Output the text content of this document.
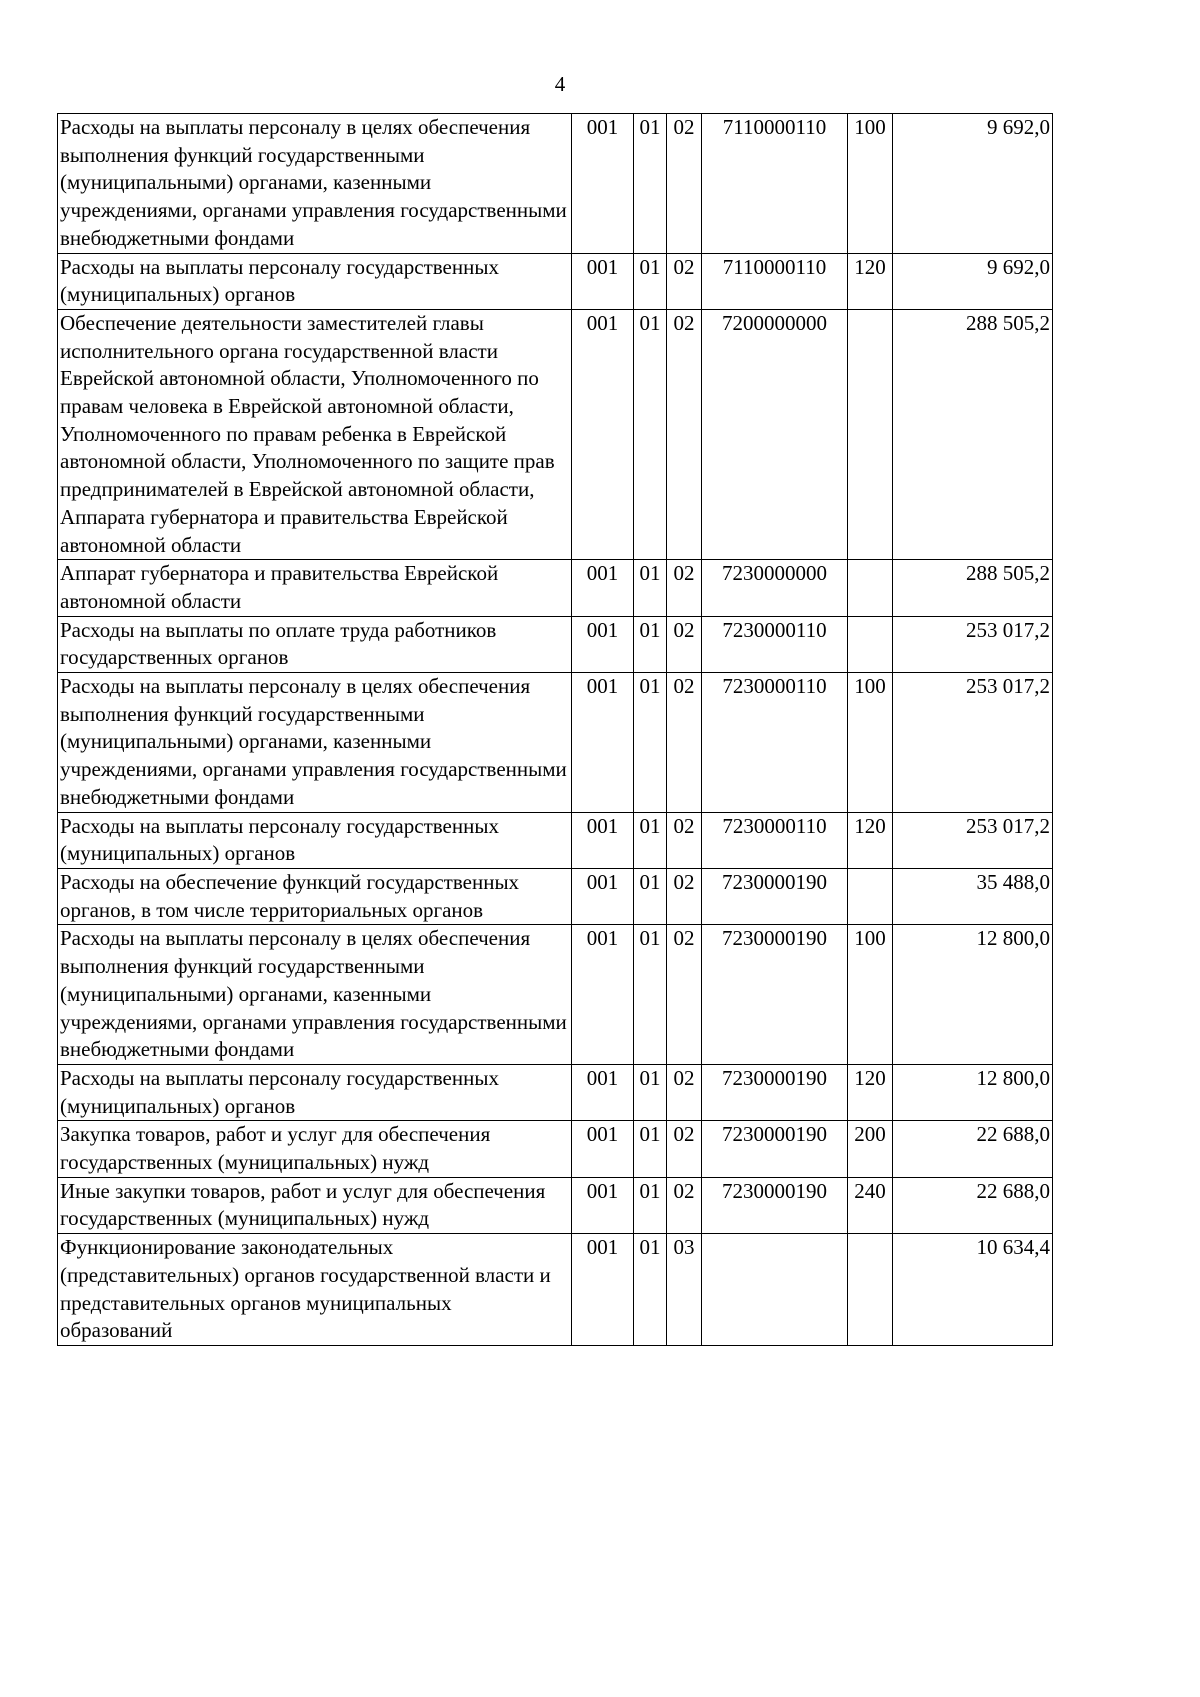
4
Расходы на выплаты персоналу в целях обеспечения выполнения функций государственными (муниципальными) органами, казенными учреждениями, органами управления государственными внебюджетными фондами	001	01	02	7110000110	100	9 692,0
Расходы на выплаты персоналу государственных (муниципальных) органов	001	01	02	7110000110	120	9 692,0
Обеспечение деятельности заместителей главы исполнительного органа государственной власти Еврейской автономной области, Уполномоченного по правам человека в Еврейской автономной области, Уполномоченного по правам ребенка в Еврейской автономной области, Уполномоченного по защите прав предпринимателей в Еврейской автономной области, Аппарата губернатора и правительства Еврейской автономной области	001	01	02	7200000000		288 505,2
Аппарат губернатора и правительства Еврейской автономной области	001	01	02	7230000000		288 505,2
Расходы на выплаты по оплате труда работников государственных органов	001	01	02	7230000110		253 017,2
Расходы на выплаты персоналу в целях обеспечения выполнения функций государственными (муниципальными) органами, казенными учреждениями, органами управления государственными внебюджетными фондами	001	01	02	7230000110	100	253 017,2
Расходы на выплаты персоналу государственных (муниципальных) органов	001	01	02	7230000110	120	253 017,2
Расходы на обеспечение функций государственных органов, в том числе территориальных органов	001	01	02	7230000190		35 488,0
Расходы на выплаты персоналу в целях обеспечения выполнения функций государственными (муниципальными) органами, казенными учреждениями, органами управления государственными внебюджетными фондами	001	01	02	7230000190	100	12 800,0
Расходы на выплаты персоналу государственных (муниципальных) органов	001	01	02	7230000190	120	12 800,0
Закупка товаров, работ и услуг для обеспечения государственных (муниципальных) нужд	001	01	02	7230000190	200	22 688,0
Иные закупки товаров, работ и услуг для обеспечения государственных (муниципальных) нужд	001	01	02	7230000190	240	22 688,0
Функционирование законодательных (представительных) органов государственной власти и представительных органов муниципальных образований	001	01	03			10 634,4
